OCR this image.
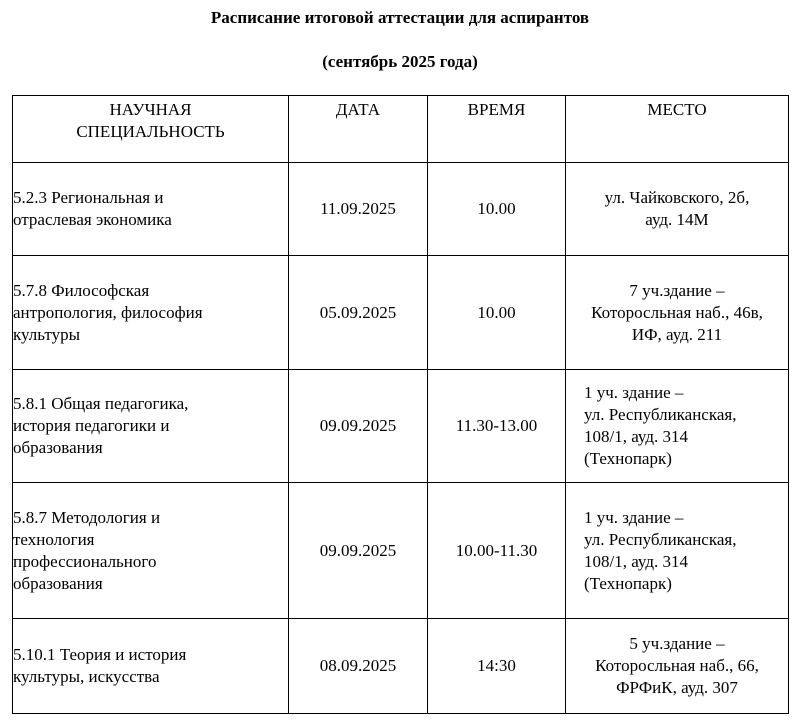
Расписание итоговой аттестации для аспирантов
(сентябрь 2025 года)
НАУЧНАЯ
СПЕЦИАЛЬНОСТЬ	ДАТА	ВРЕМЯ	МЕСТО

5.2.3 Региональная и
отраслевая экономика	11.09.2025	10.00	ул. Чайковского, 2б,
ауд. 14М

5.7.8 Философская
антропология, философия
культуры	05.09.2025	10.00	7 уч.здание –
Которосльная наб., 46в,
ИФ, ауд. 211

5.8.1 Общая педагогика,
история педагогики и
образования	09.09.2025	11.30-13.00	1 уч. здание –
ул. Республиканская,
108/1, ауд. 314
(Технопарк)

5.8.7 Методология и
технология
профессионального
образования	09.09.2025	10.00-11.30	1 уч. здание –
ул. Республиканская,
108/1, ауд. 314
(Технопарк)

5.10.1 Теория и история
культуры, искусства	08.09.2025	14:30	5 уч.здание –
Которосльная наб., 66,
ФРФиК, ауд. 307
